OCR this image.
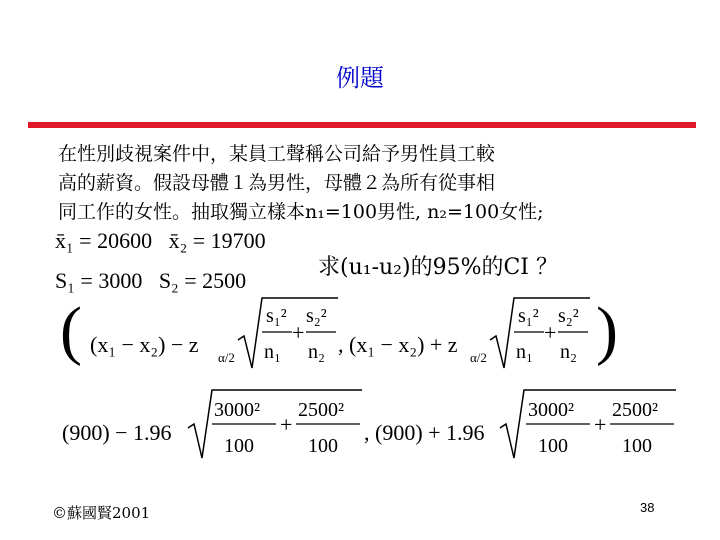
例題
在性別歧視案件中，某員工聲稱公司給予男性員工較
高的薪資。假設母體１為男性，母體２為所有從事相
同工作的女性。抽取獨立樣本n₁=100男性, n₂=100女性;
x̄₁ = 20600 x̄₂ = 19700
S₁ = 3000 S₂ = 2500
求(u₁-u₂)的95%的CI ？
( (x₁ − x₂) − z
α/2
s₁²
n₁
+
s₂²
n₂ , (x₁ − x₂) + z
α/2
s₁²
n₁
+
s₂²
n₂ )
(900) − 1.96
3000²
100
+
2500²
100
, (900) + 1.96
3000²
100
+
2500²
100
©蘇國賢2001	38
